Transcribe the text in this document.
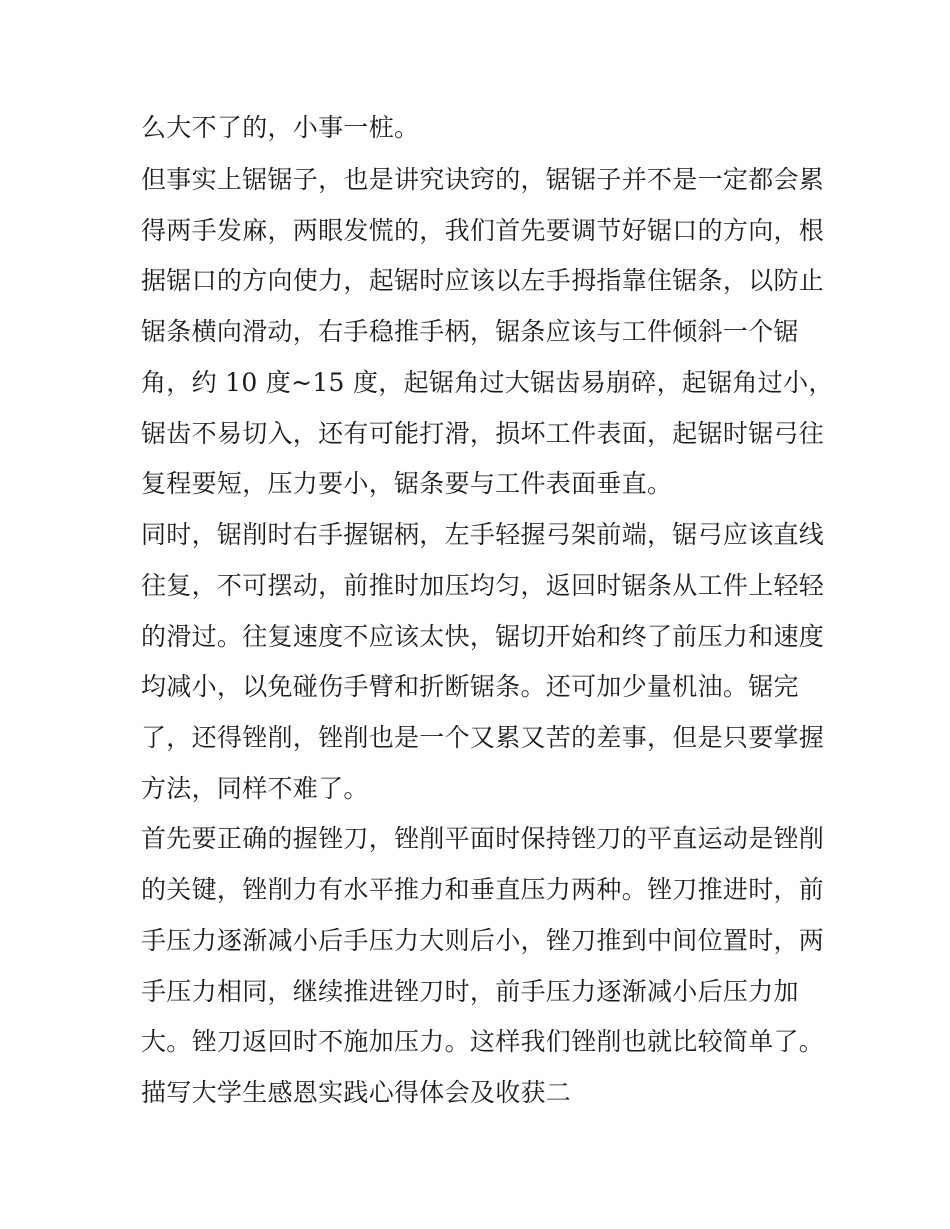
么大不了的，小事一桩。
但事实上锯锯子，也是讲究诀窍的，锯锯子并不是一定都会累
得两手发麻，两眼发慌的，我们首先要调节好锯口的方向，根
据锯口的方向使力，起锯时应该以左手拇指靠住锯条，以防止
锯条横向滑动，右手稳推手柄，锯条应该与工件倾斜一个锯
角，约 10 度~15 度，起锯角过大锯齿易崩碎，起锯角过小，
锯齿不易切入，还有可能打滑，损坏工件表面，起锯时锯弓往
复程要短，压力要小，锯条要与工件表面垂直。
同时，锯削时右手握锯柄，左手轻握弓架前端，锯弓应该直线
往复，不可摆动，前推时加压均匀，返回时锯条从工件上轻轻
的滑过。往复速度不应该太快，锯切开始和终了前压力和速度
均减小，以免碰伤手臂和折断锯条。还可加少量机油。锯完
了，还得锉削，锉削也是一个又累又苦的差事，但是只要掌握
方法，同样不难了。
首先要正确的握锉刀，锉削平面时保持锉刀的平直运动是锉削
的关键，锉削力有水平推力和垂直压力两种。锉刀推进时，前
手压力逐渐减小后手压力大则后小，锉刀推到中间位置时，两
手压力相同，继续推进锉刀时，前手压力逐渐减小后压力加
大。锉刀返回时不施加压力。这样我们锉削也就比较简单了。
描写大学生感恩实践心得体会及收获二
